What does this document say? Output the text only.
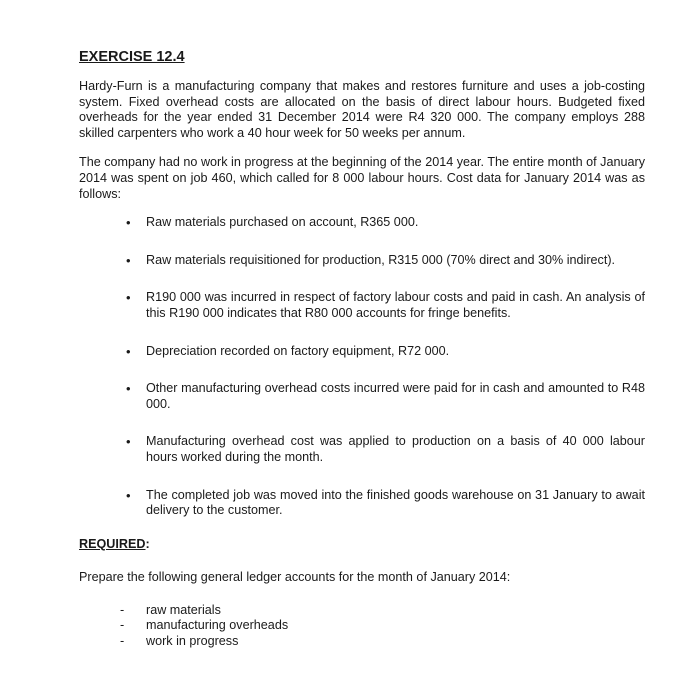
EXERCISE 12.4

Hardy-Furn is a manufacturing company that makes and restores furniture and uses a job-costing system. Fixed overhead costs are allocated on the basis of direct labour hours. Budgeted fixed overheads for the year ended 31 December 2014 were R4 320 000. The company employs 288 skilled carpenters who work a 40 hour week for 50 weeks per annum.

The company had no work in progress at the beginning of the 2014 year. The entire month of January 2014 was spent on job 460, which called for 8 000 labour hours. Cost data for January 2014 was as follows:

• Raw materials purchased on account, R365 000.
• Raw materials requisitioned for production, R315 000 (70% direct and 30% indirect).
• R190 000 was incurred in respect of factory labour costs and paid in cash. An analysis of this R190 000 indicates that R80 000 accounts for fringe benefits.
• Depreciation recorded on factory equipment, R72 000.
• Other manufacturing overhead costs incurred were paid for in cash and amounted to R48 000.
• Manufacturing overhead cost was applied to production on a basis of 40 000 labour hours worked during the month.
• The completed job was moved into the finished goods warehouse on 31 January to await delivery to the customer.
REQUIRED:

Prepare the following general ledger accounts for the month of January 2014:

- raw materials
- manufacturing overheads
- work in progress
